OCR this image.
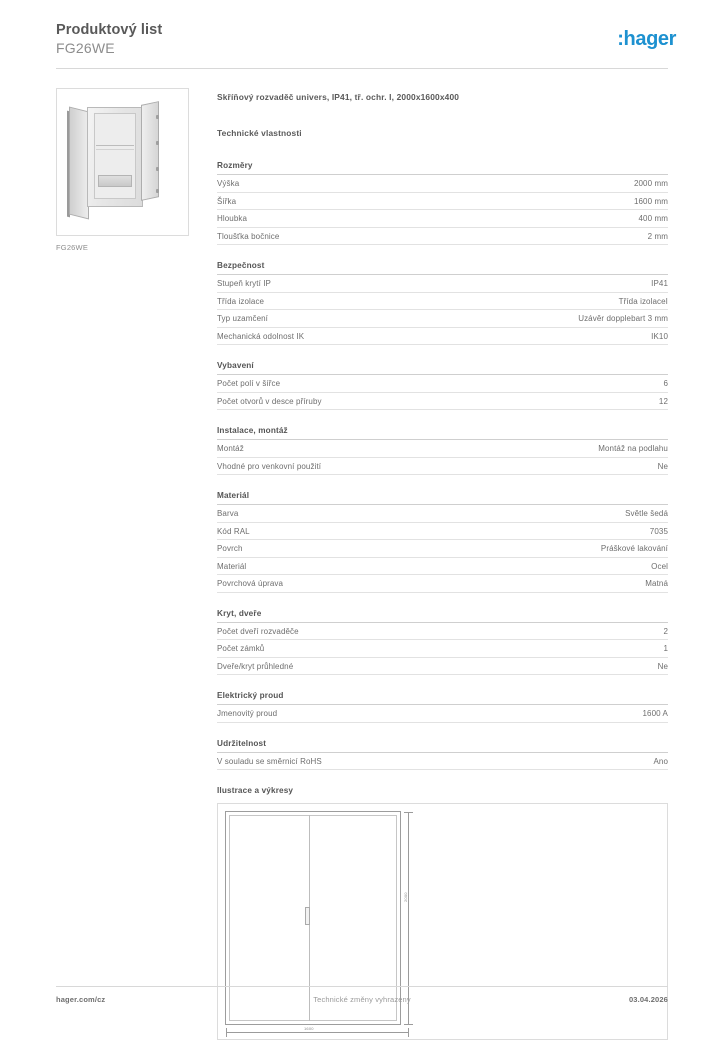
Produktový list
FG26WE	:hager
FG26WE
Skříňový rozvaděč univers, IP41, tř. ochr. I, 2000x1600x400
Technické vlastnosti
Rozměry
Výška	2000 mm
Šířka	1600 mm
Hloubka	400 mm
Tloušťka bočnice	2 mm
Bezpečnost
Stupeň krytí IP	IP41
Třída izolace	Třída izolaceI
Typ uzamčení	Uzávěr dopplebart 3 mm
Mechanická odolnost IK	IK10
Vybavení
Počet polí v šířce	6
Počet otvorů v desce příruby	12
Instalace, montáž
Montáž	Montáž na podlahu
Vhodné pro venkovní použití	Ne
Materiál
Barva	Světle šedá
Kód RAL	7035
Povrch	Práškové lakování
Materiál	Ocel
Povrchová úprava	Matná
Kryt, dveře
Počet dveří rozvaděče	2
Počet zámků	1
Dveře/kryt průhledné	Ne
Elektrický proud
Jmenovitý proud	1600 A
Udržitelnost
V souladu se směrnicí RoHS	Ano
Ilustrace a výkresy
2000
1600
hager.com/cz	Technické změny vyhrazeny	03.04.2026
